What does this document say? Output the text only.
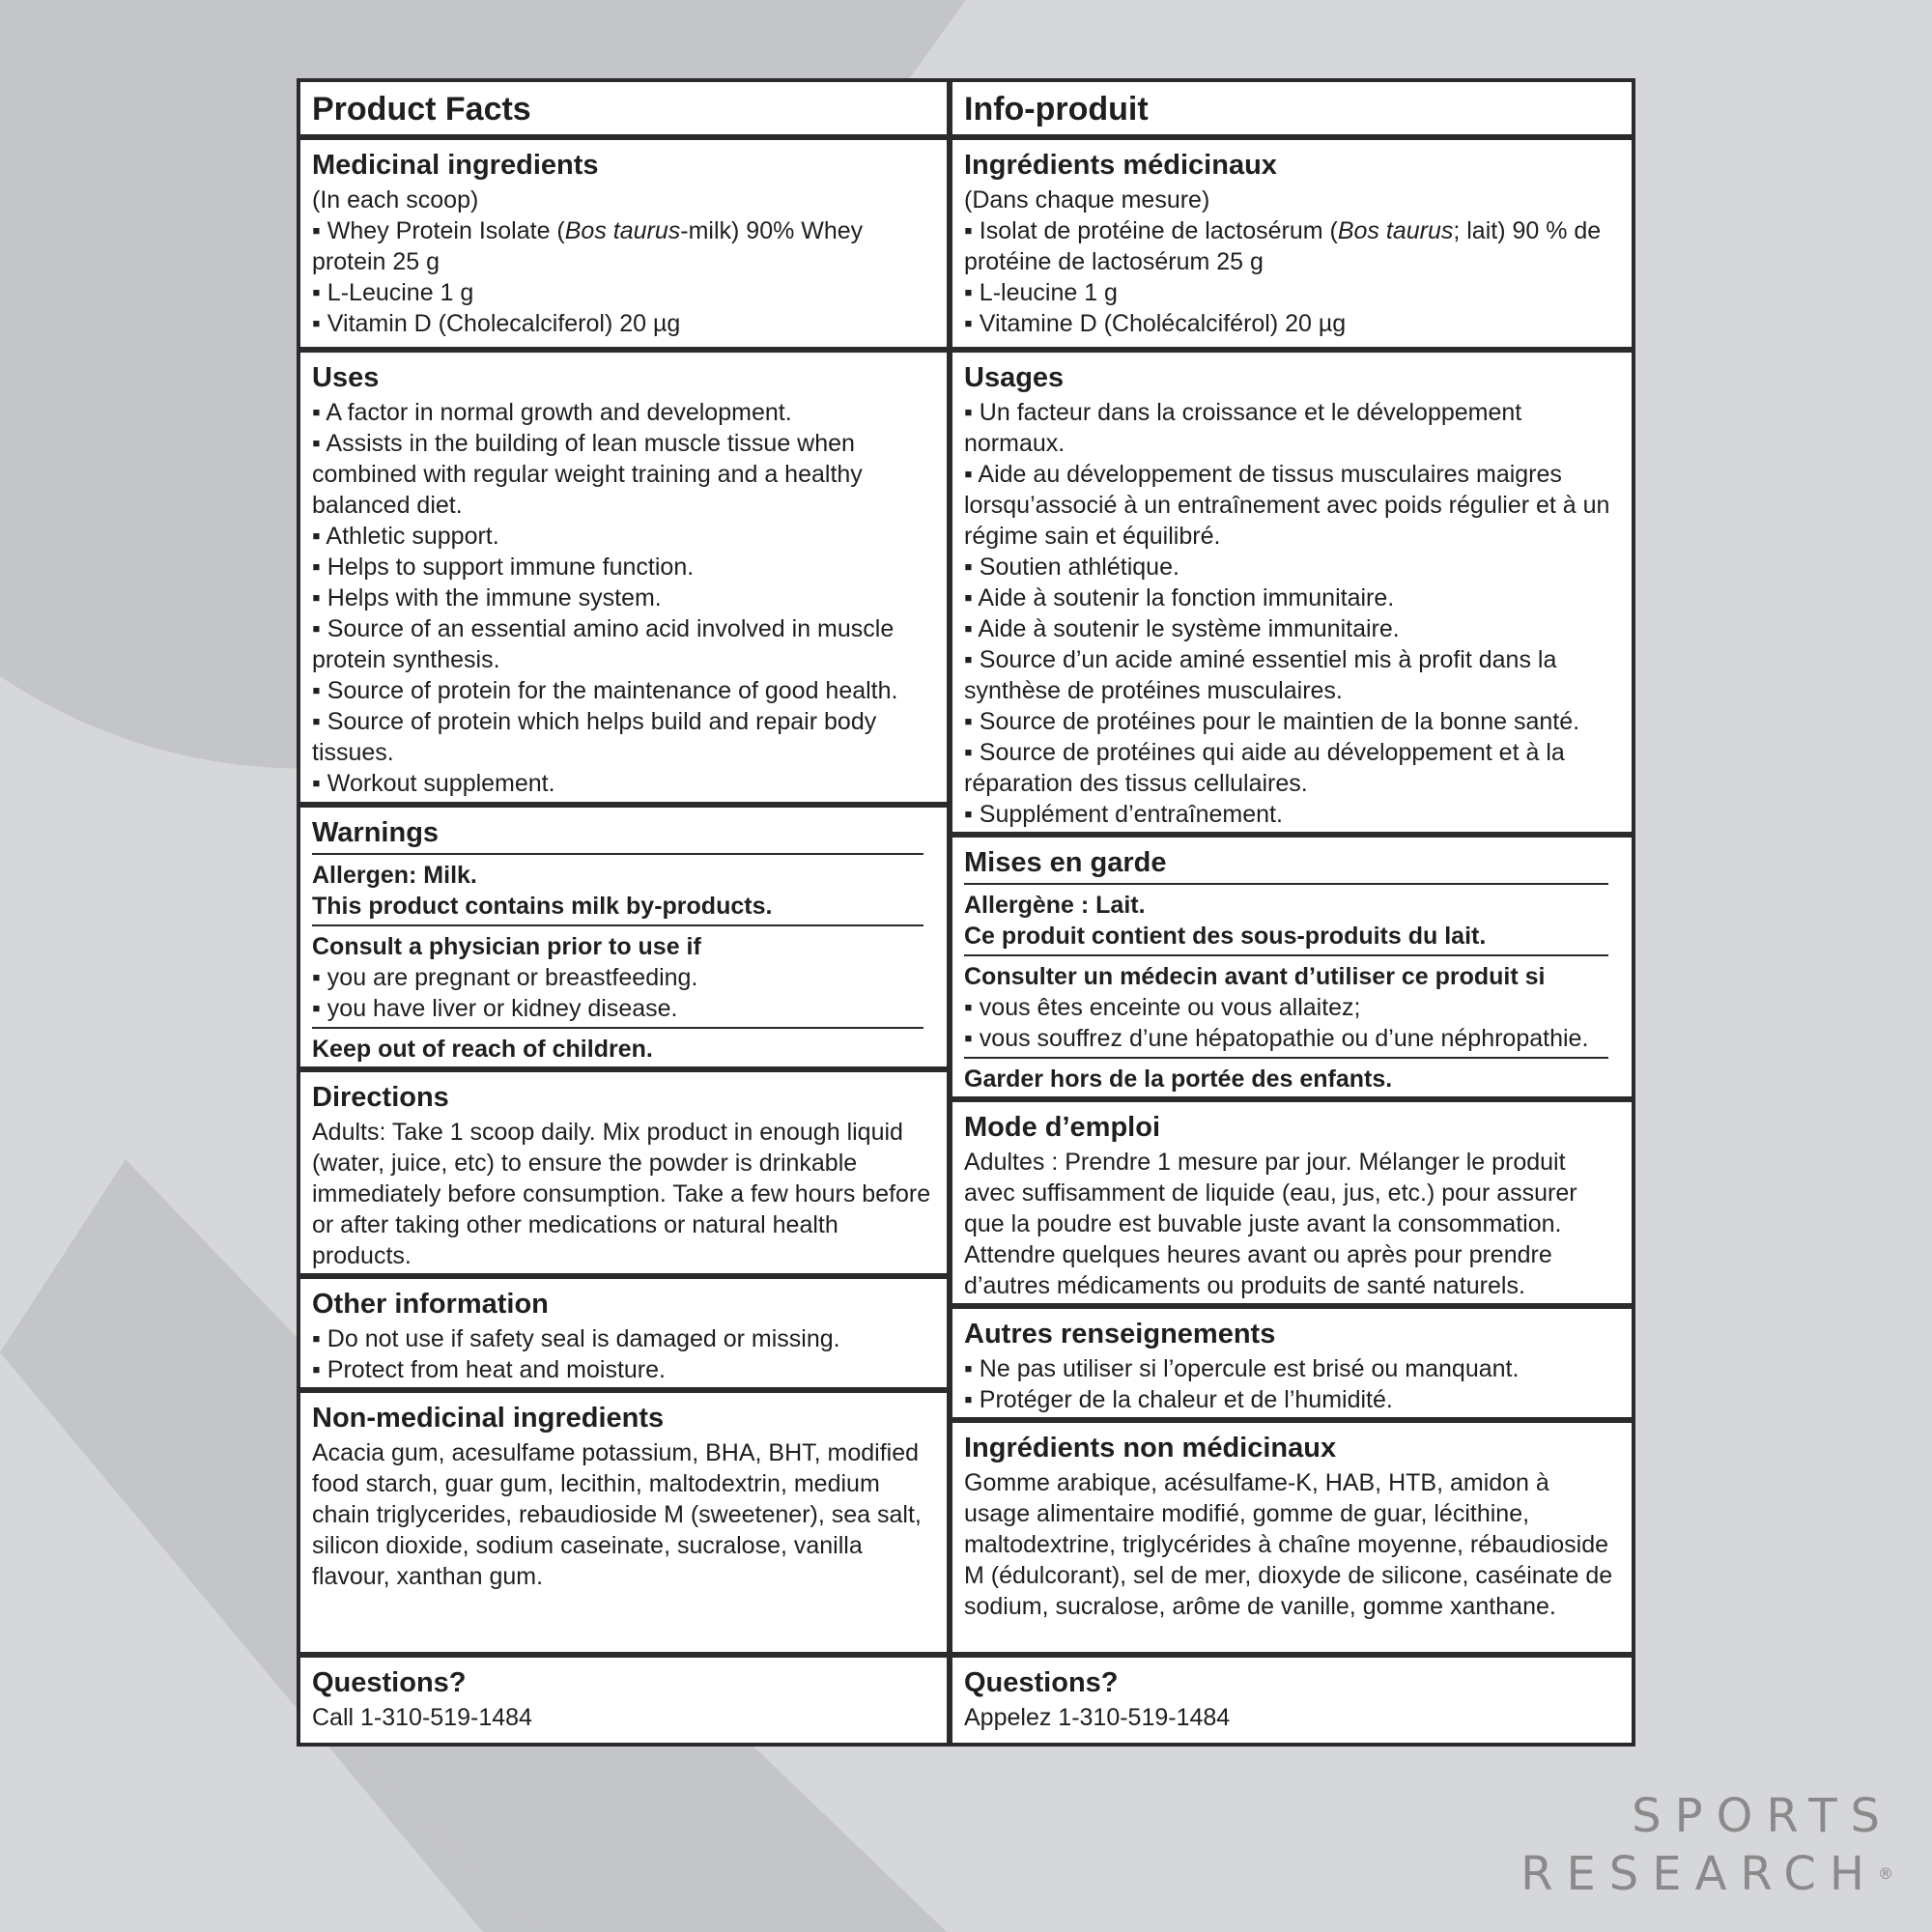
Product Facts
Medicinal ingredients
(In each scoop)
▪ Whey Protein Isolate (Bos taurus-milk) 90% Whey protein 25 g
▪ L-Leucine 1 g
▪ Vitamin D (Cholecalciferol) 20 µg
Uses
▪ A factor in normal growth and development.
▪ Assists in the building of lean muscle tissue when combined with regular weight training and a healthy balanced diet.
▪ Athletic support.
▪ Helps to support immune function.
▪ Helps with the immune system.
▪ Source of an essential amino acid involved in muscle protein synthesis.
▪ Source of protein for the maintenance of good health.
▪ Source of protein which helps build and repair body tissues.
▪ Workout supplement.
Warnings
Allergen: Milk.
This product contains milk by-products.
Consult a physician prior to use if
▪ you are pregnant or breastfeeding.
▪ you have liver or kidney disease.
Keep out of reach of children.
Directions
Adults: Take 1 scoop daily. Mix product in enough liquid (water, juice, etc) to ensure the powder is drinkable immediately before consumption. Take a few hours before or after taking other medications or natural health products.
Other information
▪ Do not use if safety seal is damaged or missing.
▪ Protect from heat and moisture.
Non-medicinal ingredients
Acacia gum, acesulfame potassium, BHA, BHT, modified food starch, guar gum, lecithin, maltodextrin, medium chain triglycerides, rebaudioside M (sweetener), sea salt, silicon dioxide, sodium caseinate, sucralose, vanilla flavour, xanthan gum.
Questions?
Call 1-310-519-1484
Info-produit
Ingrédients médicinaux
(Dans chaque mesure)
▪ Isolat de protéine de lactosérum (Bos taurus; lait) 90 % de protéine de lactosérum 25 g
▪ L-leucine 1 g
▪ Vitamine D (Cholécalciférol) 20 µg
Usages
▪ Un facteur dans la croissance et le développement normaux.
▪ Aide au développement de tissus musculaires maigres lorsqu’associé à un entraînement avec poids régulier et à un régime sain et équilibré.
▪ Soutien athlétique.
▪ Aide à soutenir la fonction immunitaire.
▪ Aide à soutenir le système immunitaire.
▪ Source d’un acide aminé essentiel mis à profit dans la synthèse de protéines musculaires.
▪ Source de protéines pour le maintien de la bonne santé.
▪ Source de protéines qui aide au développement et à la réparation des tissus cellulaires.
▪ Supplément d’entraînement.
Mises en garde
Allergène : Lait.
Ce produit contient des sous-produits du lait.
Consulter un médecin avant d’utiliser ce produit si
▪ vous êtes enceinte ou vous allaitez;
▪ vous souffrez d’une hépatopathie ou d’une néphropathie.
Garder hors de la portée des enfants.
Mode d’emploi
Adultes : Prendre 1 mesure par jour. Mélanger le produit avec suffisamment de liquide (eau, jus, etc.) pour assurer que la poudre est buvable juste avant la consommation. Attendre quelques heures avant ou après pour prendre d’autres médicaments ou produits de santé naturels.
Autres renseignements
▪ Ne pas utiliser si l’opercule est brisé ou manquant.
▪ Protéger de la chaleur et de l’humidité.
Ingrédients non médicinaux
Gomme arabique, acésulfame-K, HAB, HTB, amidon à usage alimentaire modifié, gomme de guar, lécithine, maltodextrine, triglycérides à chaîne moyenne, rébaudioside M (édulcorant), sel de mer, dioxyde de silicone, caséinate de sodium, sucralose, arôme de vanille, gomme xanthane.
Questions?
Appelez 1-310-519-1484
SPORTS
RESEARCH®
